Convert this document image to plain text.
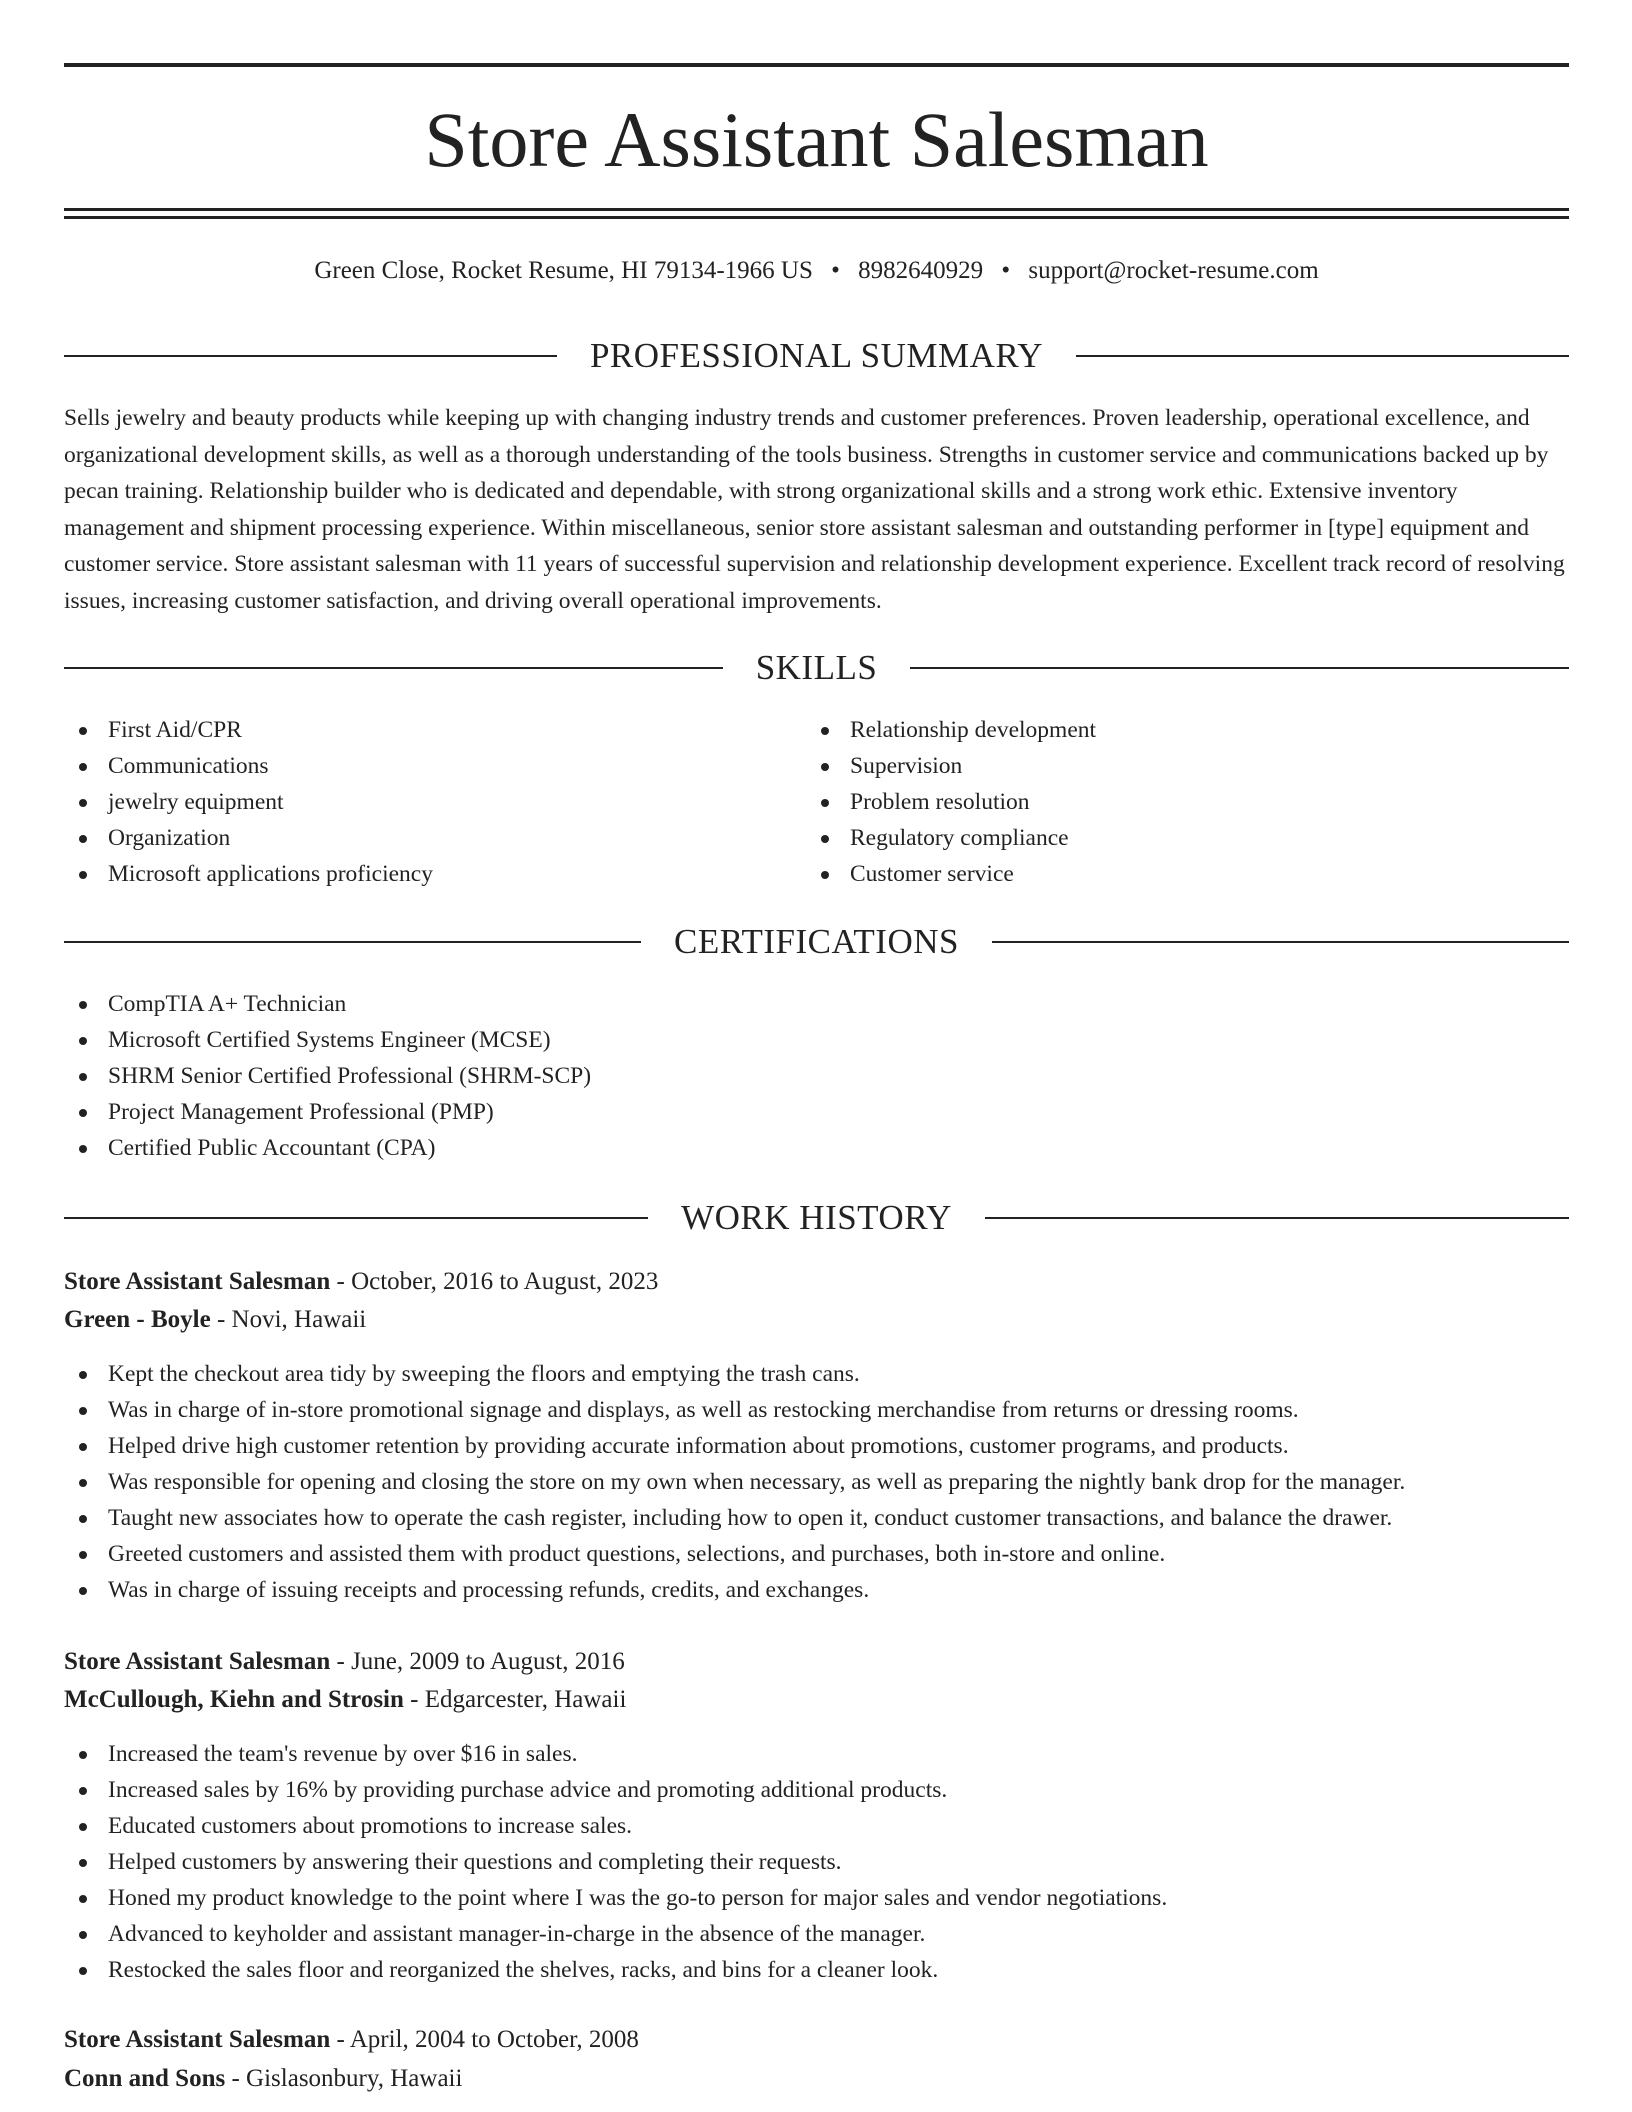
Store Assistant Salesman
Green Close, Rocket Resume, HI 79134-1966 US • 8982640929 • support@rocket-resume.com
PROFESSIONAL SUMMARY
Sells jewelry and beauty products while keeping up with changing industry trends and customer preferences. Proven leadership, operational excellence, and organizational development skills, as well as a thorough understanding of the tools business. Strengths in customer service and communications backed up by pecan training. Relationship builder who is dedicated and dependable, with strong organizational skills and a strong work ethic. Extensive inventory management and shipment processing experience. Within miscellaneous, senior store assistant salesman and outstanding performer in [type] equipment and customer service. Store assistant salesman with 11 years of successful supervision and relationship development experience. Excellent track record of resolving issues, increasing customer satisfaction, and driving overall operational improvements.
SKILLS
First Aid/CPR
Communications
jewelry equipment
Organization
Microsoft applications proficiency
Relationship development
Supervision
Problem resolution
Regulatory compliance
Customer service
CERTIFICATIONS
CompTIA A+ Technician
Microsoft Certified Systems Engineer (MCSE)
SHRM Senior Certified Professional (SHRM-SCP)
Project Management Professional (PMP)
Certified Public Accountant (CPA)
WORK HISTORY
Store Assistant Salesman - October, 2016 to August, 2023
Green - Boyle - Novi, Hawaii
Kept the checkout area tidy by sweeping the floors and emptying the trash cans.
Was in charge of in-store promotional signage and displays, as well as restocking merchandise from returns or dressing rooms.
Helped drive high customer retention by providing accurate information about promotions, customer programs, and products.
Was responsible for opening and closing the store on my own when necessary, as well as preparing the nightly bank drop for the manager.
Taught new associates how to operate the cash register, including how to open it, conduct customer transactions, and balance the drawer.
Greeted customers and assisted them with product questions, selections, and purchases, both in-store and online.
Was in charge of issuing receipts and processing refunds, credits, and exchanges.
Store Assistant Salesman - June, 2009 to August, 2016
McCullough, Kiehn and Strosin - Edgarcester, Hawaii
Increased the team's revenue by over $16 in sales.
Increased sales by 16% by providing purchase advice and promoting additional products.
Educated customers about promotions to increase sales.
Helped customers by answering their questions and completing their requests.
Honed my product knowledge to the point where I was the go-to person for major sales and vendor negotiations.
Advanced to keyholder and assistant manager-in-charge in the absence of the manager.
Restocked the sales floor and reorganized the shelves, racks, and bins for a cleaner look.
Store Assistant Salesman - April, 2004 to October, 2008
Conn and Sons - Gislasonbury, Hawaii
